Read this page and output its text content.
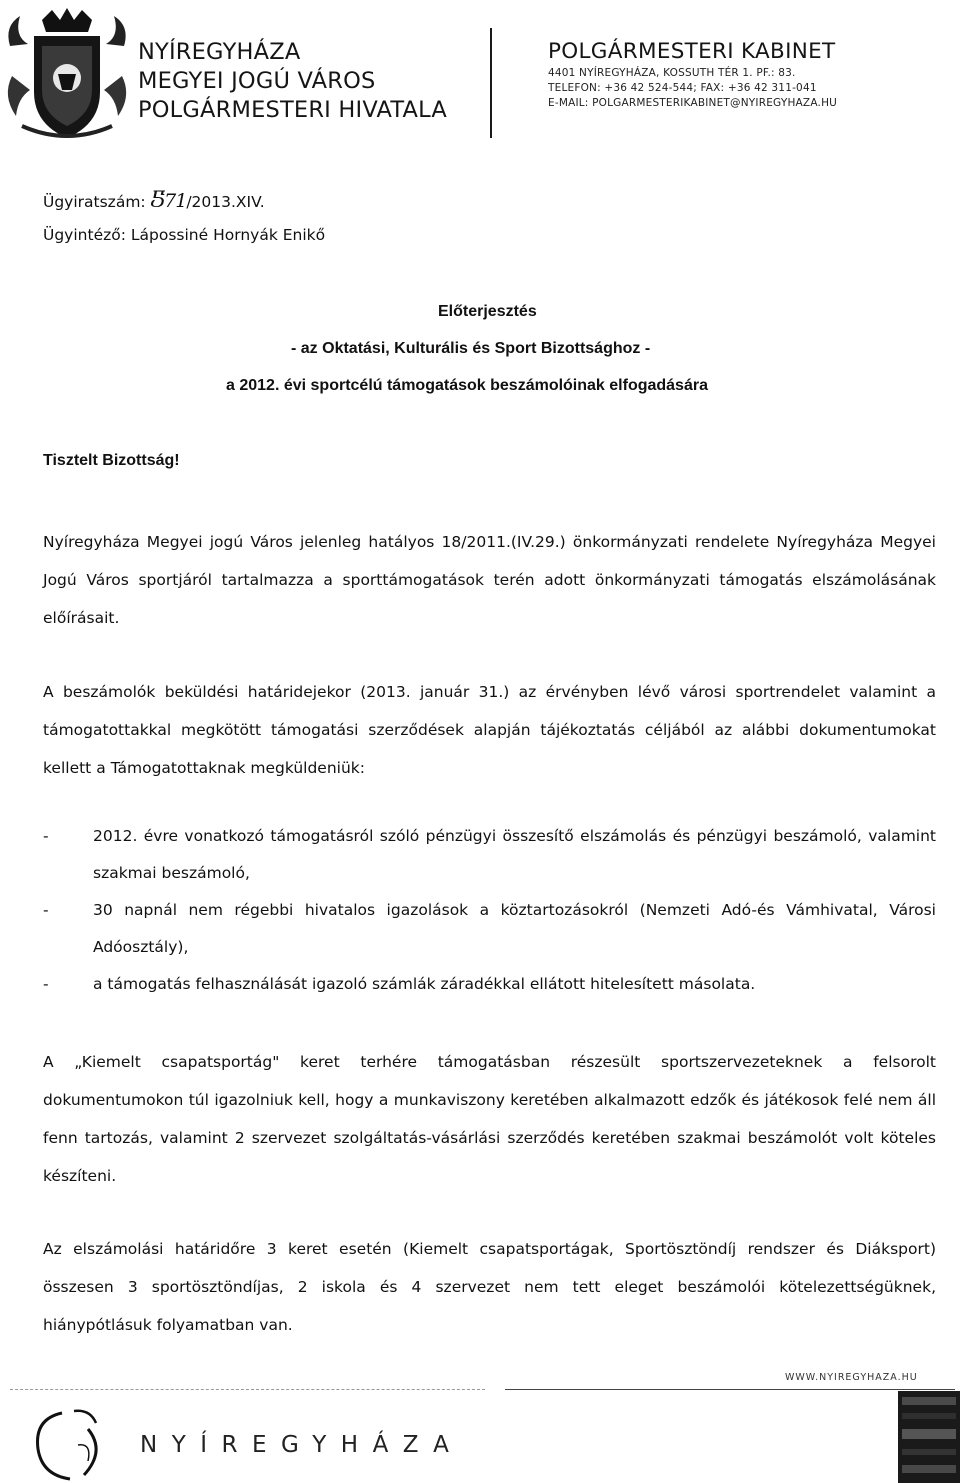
NYÍREGYHÁZA
MEGYEI JOGÚ VÁROS
POLGÁRMESTERI HIVATALA
POLGÁRMESTERI KABINET
4401 NYÍREGYHÁZA, KOSSUTH TÉR 1. PF.: 83.
TELEFON: +36 42 524-544; FAX: +36 42 311-041
E-MAIL: POLGARMESTERIKABINET@NYIREGYHAZA.HU
Ügyiratszám: Ⴝ71/2013.XIV.
Ügyintéző: Lápossiné Hornyák Enikő
Előterjesztés
- az Oktatási, Kulturális és Sport Bizottsághoz -
a 2012. évi sportcélú támogatások beszámolóinak elfogadására
Tisztelt Bizottság!
Nyíregyháza Megyei jogú Város jelenleg hatályos 18/2011.(IV.29.) önkormányzati rendelete Nyíregyháza Megyei Jogú Város sportjáról tartalmazza a sporttámogatások terén adott önkormányzati támogatás elszámolásának előírásait.
A beszámolók beküldési határidejekor (2013. január 31.) az érvényben lévő városi sportrendelet valamint a támogatottakkal megkötött támogatási szerződések alapján tájékoztatás céljából az alábbi dokumentumokat kellett a Támogatottaknak megküldeniük:
-	2012. évre vonatkozó támogatásról szóló pénzügyi összesítő elszámolás és pénzügyi beszámoló, valamint szakmai beszámoló,
-	30 napnál nem régebbi hivatalos igazolások a köztartozásokról (Nemzeti Adó-és Vámhivatal, Városi Adóosztály),
-	a támogatás felhasználását igazoló számlák záradékkal ellátott hitelesített másolata.
A „Kiemelt csapatsportág" keret terhére támogatásban részesült sportszervezeteknek a felsorolt dokumentumokon túl igazolniuk kell, hogy a munkaviszony keretében alkalmazott edzők és játékosok felé nem áll fenn tartozás, valamint 2 szervezet szolgáltatás-vásárlási szerződés keretében szakmai beszámolót volt köteles készíteni.
Az elszámolási határidőre 3 keret esetén (Kiemelt csapatsportágak, Sportösztöndíj rendszer és Diáksport) összesen 3 sportösztöndíjas, 2 iskola és 4 szervezet nem tett eleget beszámolói kötelezettségüknek, hiánypótlásuk folyamatban van.
WWW.NYIREGYHAZA.HU
NYÍREGYHÁZA
